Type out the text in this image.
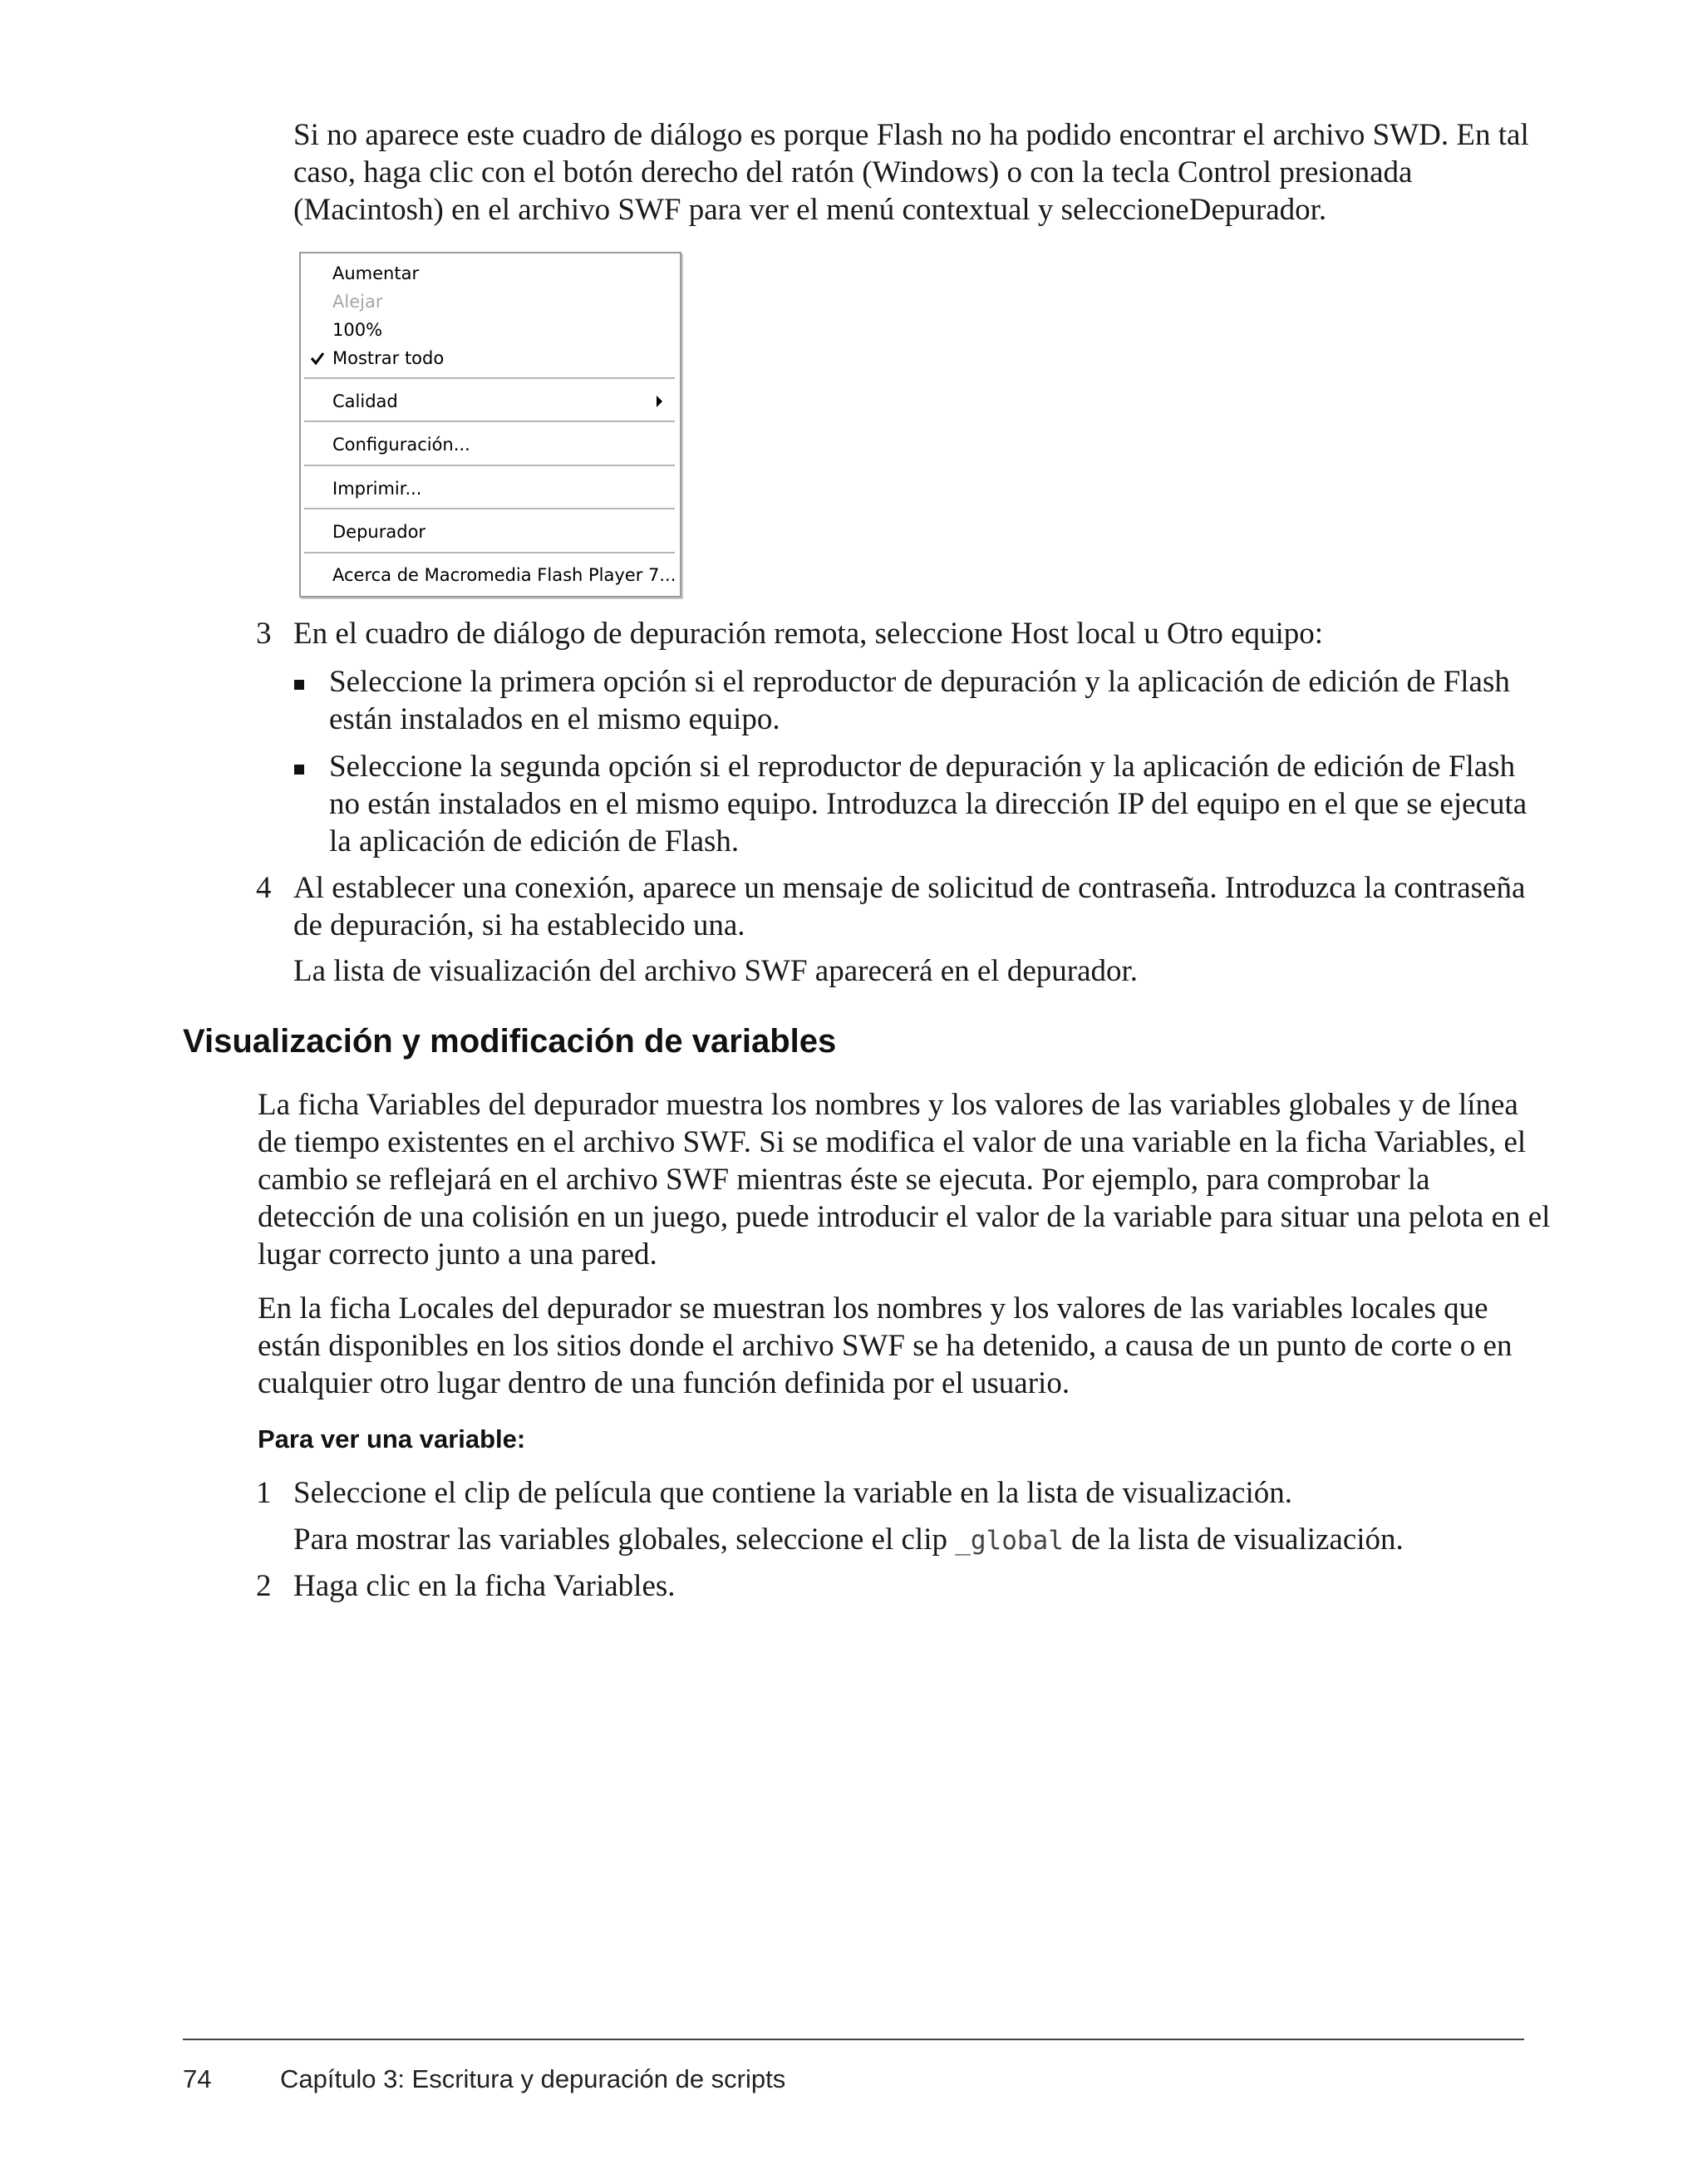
Si no aparece este cuadro de diálogo es porque Flash no ha podido encontrar el archivo SWD. En tal caso, haga clic con el botón derecho del ratón (Windows) o con la tecla Control presionada (Macintosh) en el archivo SWF para ver el menú contextual y seleccioneDepurador.

Aumentar
Alejar
100%
Mostrar todo
Calidad
Configuración...
Imprimir...
Depurador
Acerca de Macromedia Flash Player 7...
3 En el cuadro de diálogo de depuración remota, seleccione Host local u Otro equipo:

Seleccione la primera opción si el reproductor de depuración y la aplicación de edición de Flash están instalados en el mismo equipo.

Seleccione la segunda opción si el reproductor de depuración y la aplicación de edición de Flash no están instalados en el mismo equipo. Introduzca la dirección IP del equipo en el que se ejecuta la aplicación de edición de Flash.

4 Al establecer una conexión, aparece un mensaje de solicitud de contraseña. Introduzca la contraseña de depuración, si ha establecido una.

La lista de visualización del archivo SWF aparecerá en el depurador.

Visualización y modificación de variables

La ficha Variables del depurador muestra los nombres y los valores de las variables globales y de línea de tiempo existentes en el archivo SWF. Si se modifica el valor de una variable en la ficha Variables, el cambio se reflejará en el archivo SWF mientras éste se ejecuta. Por ejemplo, para comprobar la detección de una colisión en un juego, puede introducir el valor de la variable para situar una pelota en el lugar correcto junto a una pared.

En la ficha Locales del depurador se muestran los nombres y los valores de las variables locales que están disponibles en los sitios donde el archivo SWF se ha detenido, a causa de un punto de corte o en cualquier otro lugar dentro de una función definida por el usuario.

Para ver una variable:
1 Seleccione el clip de película que contiene la variable en la lista de visualización.

Para mostrar las variables globales, seleccione el clip _global de la lista de visualización.

2 Haga clic en la ficha Variables.

74	Capítulo 3: Escritura y depuración de scripts
